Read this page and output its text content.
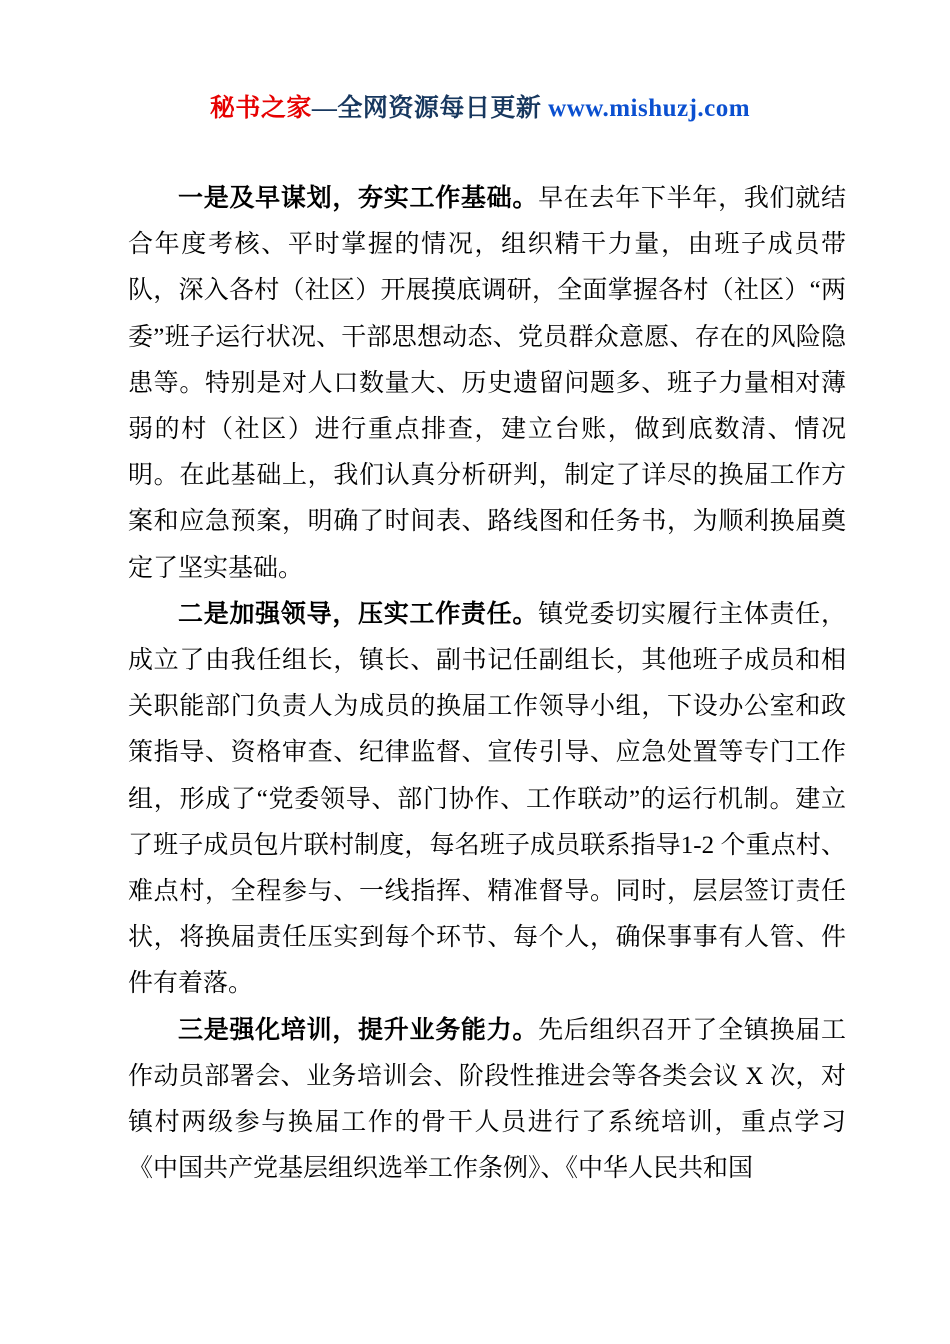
秘书之家—全网资源每日更新 www.mishuzj.com

一是及早谋划，夯实工作基础。早在去年下半年，我们就结合年度考核、平时掌握的情况，组织精干力量，由班子成员带队，深入各村（社区）开展摸底调研，全面掌握各村（社区）“两委”班子运行状况、干部思想动态、党员群众意愿、存在的风险隐患等。特别是对人口数量大、历史遗留问题多、班子力量相对薄弱的村（社区）进行重点排查，建立台账，做到底数清、情况明。在此基础上，我们认真分析研判，制定了详尽的换届工作方案和应急预案，明确了时间表、路线图和任务书，为顺利换届奠定了坚实基础。

二是加强领导，压实工作责任。镇党委切实履行主体责任，成立了由我任组长，镇长、副书记任副组长，其他班子成员和相关职能部门负责人为成员的换届工作领导小组，下设办公室和政策指导、资格审查、纪律监督、宣传引导、应急处置等专门工作组，形成了“党委领导、部门协作、工作联动”的运行机制。建立了班子成员包片联村制度，每名班子成员联系指导1-2 个重点村、难点村，全程参与、一线指挥、精准督导。同时，层层签订责任状，将换届责任压实到每个环节、每个人，确保事事有人管、件件有着落。

三是强化培训，提升业务能力。先后组织召开了全镇换届工作动员部署会、业务培训会、阶段性推进会等各类会议 X 次，对镇村两级参与换届工作的骨干人员进行了系统培训，重点学习《中国共产党基层组织选举工作条例》、《中华人民共和国
